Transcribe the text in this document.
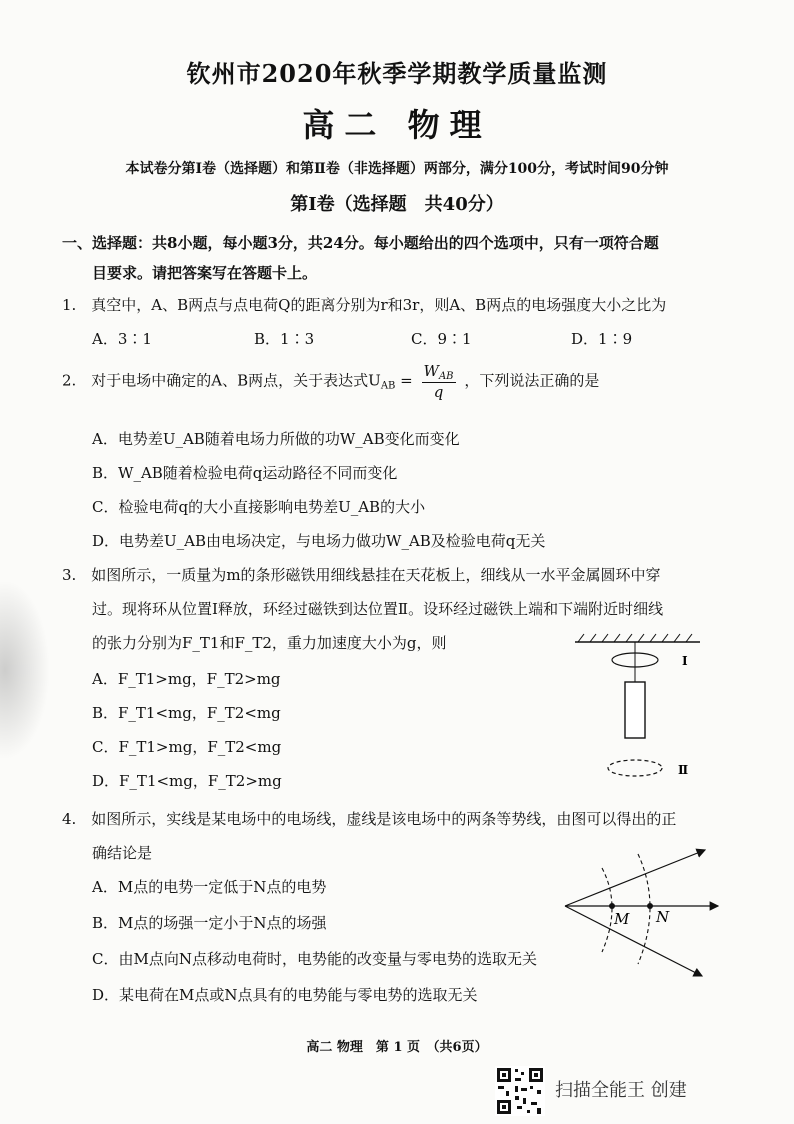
钦州市2020年秋季学期教学质量监测
高二 物理
本试卷分第Ⅰ卷（选择题）和第Ⅱ卷（非选择题）两部分，满分100分，考试时间90分钟
第Ⅰ卷（选择题　共40分）
一、选择题：共8小题，每小题3分，共24分。每小题给出的四个选项中，只有一项符合题
目要求。请把答案写在答题卡上。
1.　真空中，A、B两点与点电荷Q的距离分别为r和3r，则A、B两点的电场强度大小之比为
A．3∶1	B．1∶3	C．9∶1	D．1∶9
2.　对于电场中确定的A、B两点，关于表达式$U_{AB} = \frac{W_{AB}}{q}$ ，下列说法正确的是
A．电势差U_AB随着电场力所做的功W_AB变化而变化
B．W_AB随着检验电荷q运动路径不同而变化
C．检验电荷q的大小直接影响电势差U_AB的大小
D．电势差U_AB由电场决定，与电场力做功W_AB及检验电荷q无关
3.　如图所示，一质量为m的条形磁铁用细线悬挂在天花板上，细线从一水平金属圆环中穿
过。现将环从位置Ⅰ释放，环经过磁铁到达位置Ⅱ。设环经过磁铁上端和下端附近时细线
的张力分别为F_T1和F_T2，重力加速度大小为g，则
A．F_T1>mg，F_T2>mg
B．F_T1<mg，F_T2<mg
C．F_T1>mg，F_T2<mg
D．F_T1<mg，F_T2>mg
Ⅰ
Ⅱ
4.　如图所示，实线是某电场中的电场线，虚线是该电场中的两条等势线，由图可以得出的正
确结论是
A．M点的电势一定低于N点的电势
B．M点的场强一定小于N点的场强
C．由M点向N点移动电荷时，电势能的改变量与零电势的选取无关
D．某电荷在M点或N点具有的电势能与零电势的选取无关
M N
高二 物理　第 1 页　（共6页）
扫描全能王 创建
